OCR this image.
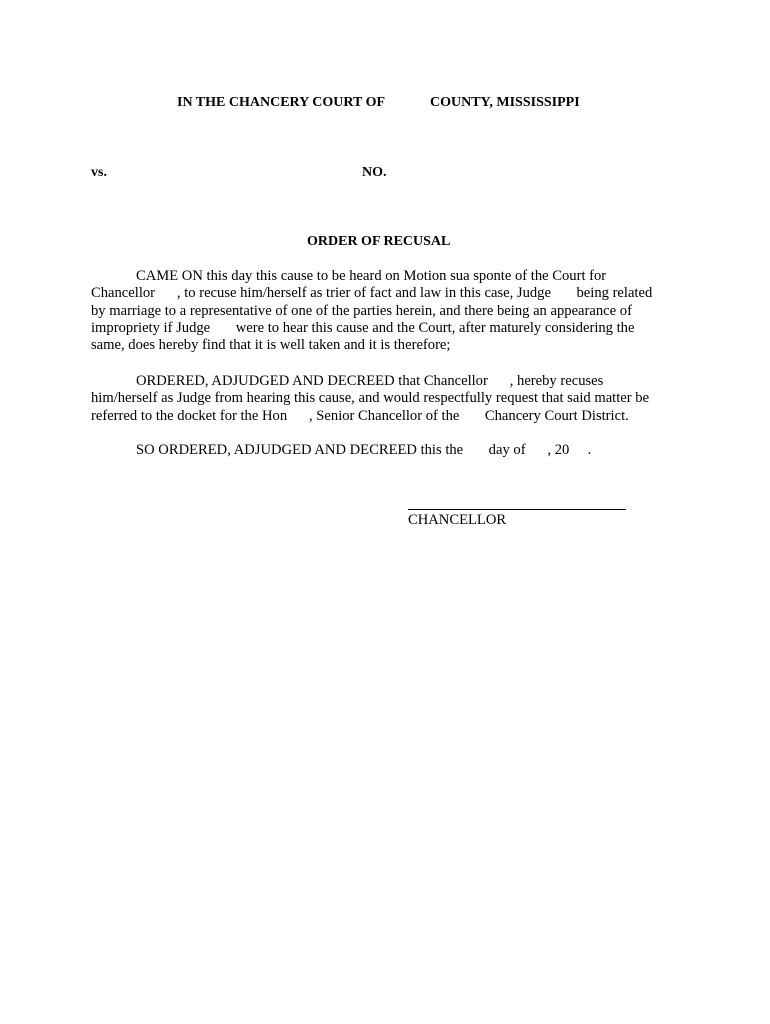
IN THE CHANCERY COURT OF	COUNTY, MISSISSIPPI
vs.	NO.
ORDER OF RECUSAL
CAME ON this day this cause to be heard on Motion sua sponte of the Court for
Chancellor      , to recuse him/herself as trier of fact and law in this case, Judge       being related
by marriage to a representative of one of the parties herein, and there being an appearance of
impropriety if Judge       were to hear this cause and the Court, after maturely considering the
same, does hereby find that it is well taken and it is therefore;
ORDERED, ADJUDGED AND DECREED that Chancellor      , hereby recuses
him/herself as Judge from hearing this cause, and would respectfully request that said matter be
referred to the docket for the Hon      , Senior Chancellor of the       Chancery Court District.
SO ORDERED, ADJUDGED AND DECREED this the       day of      , 20     .
CHANCELLOR
